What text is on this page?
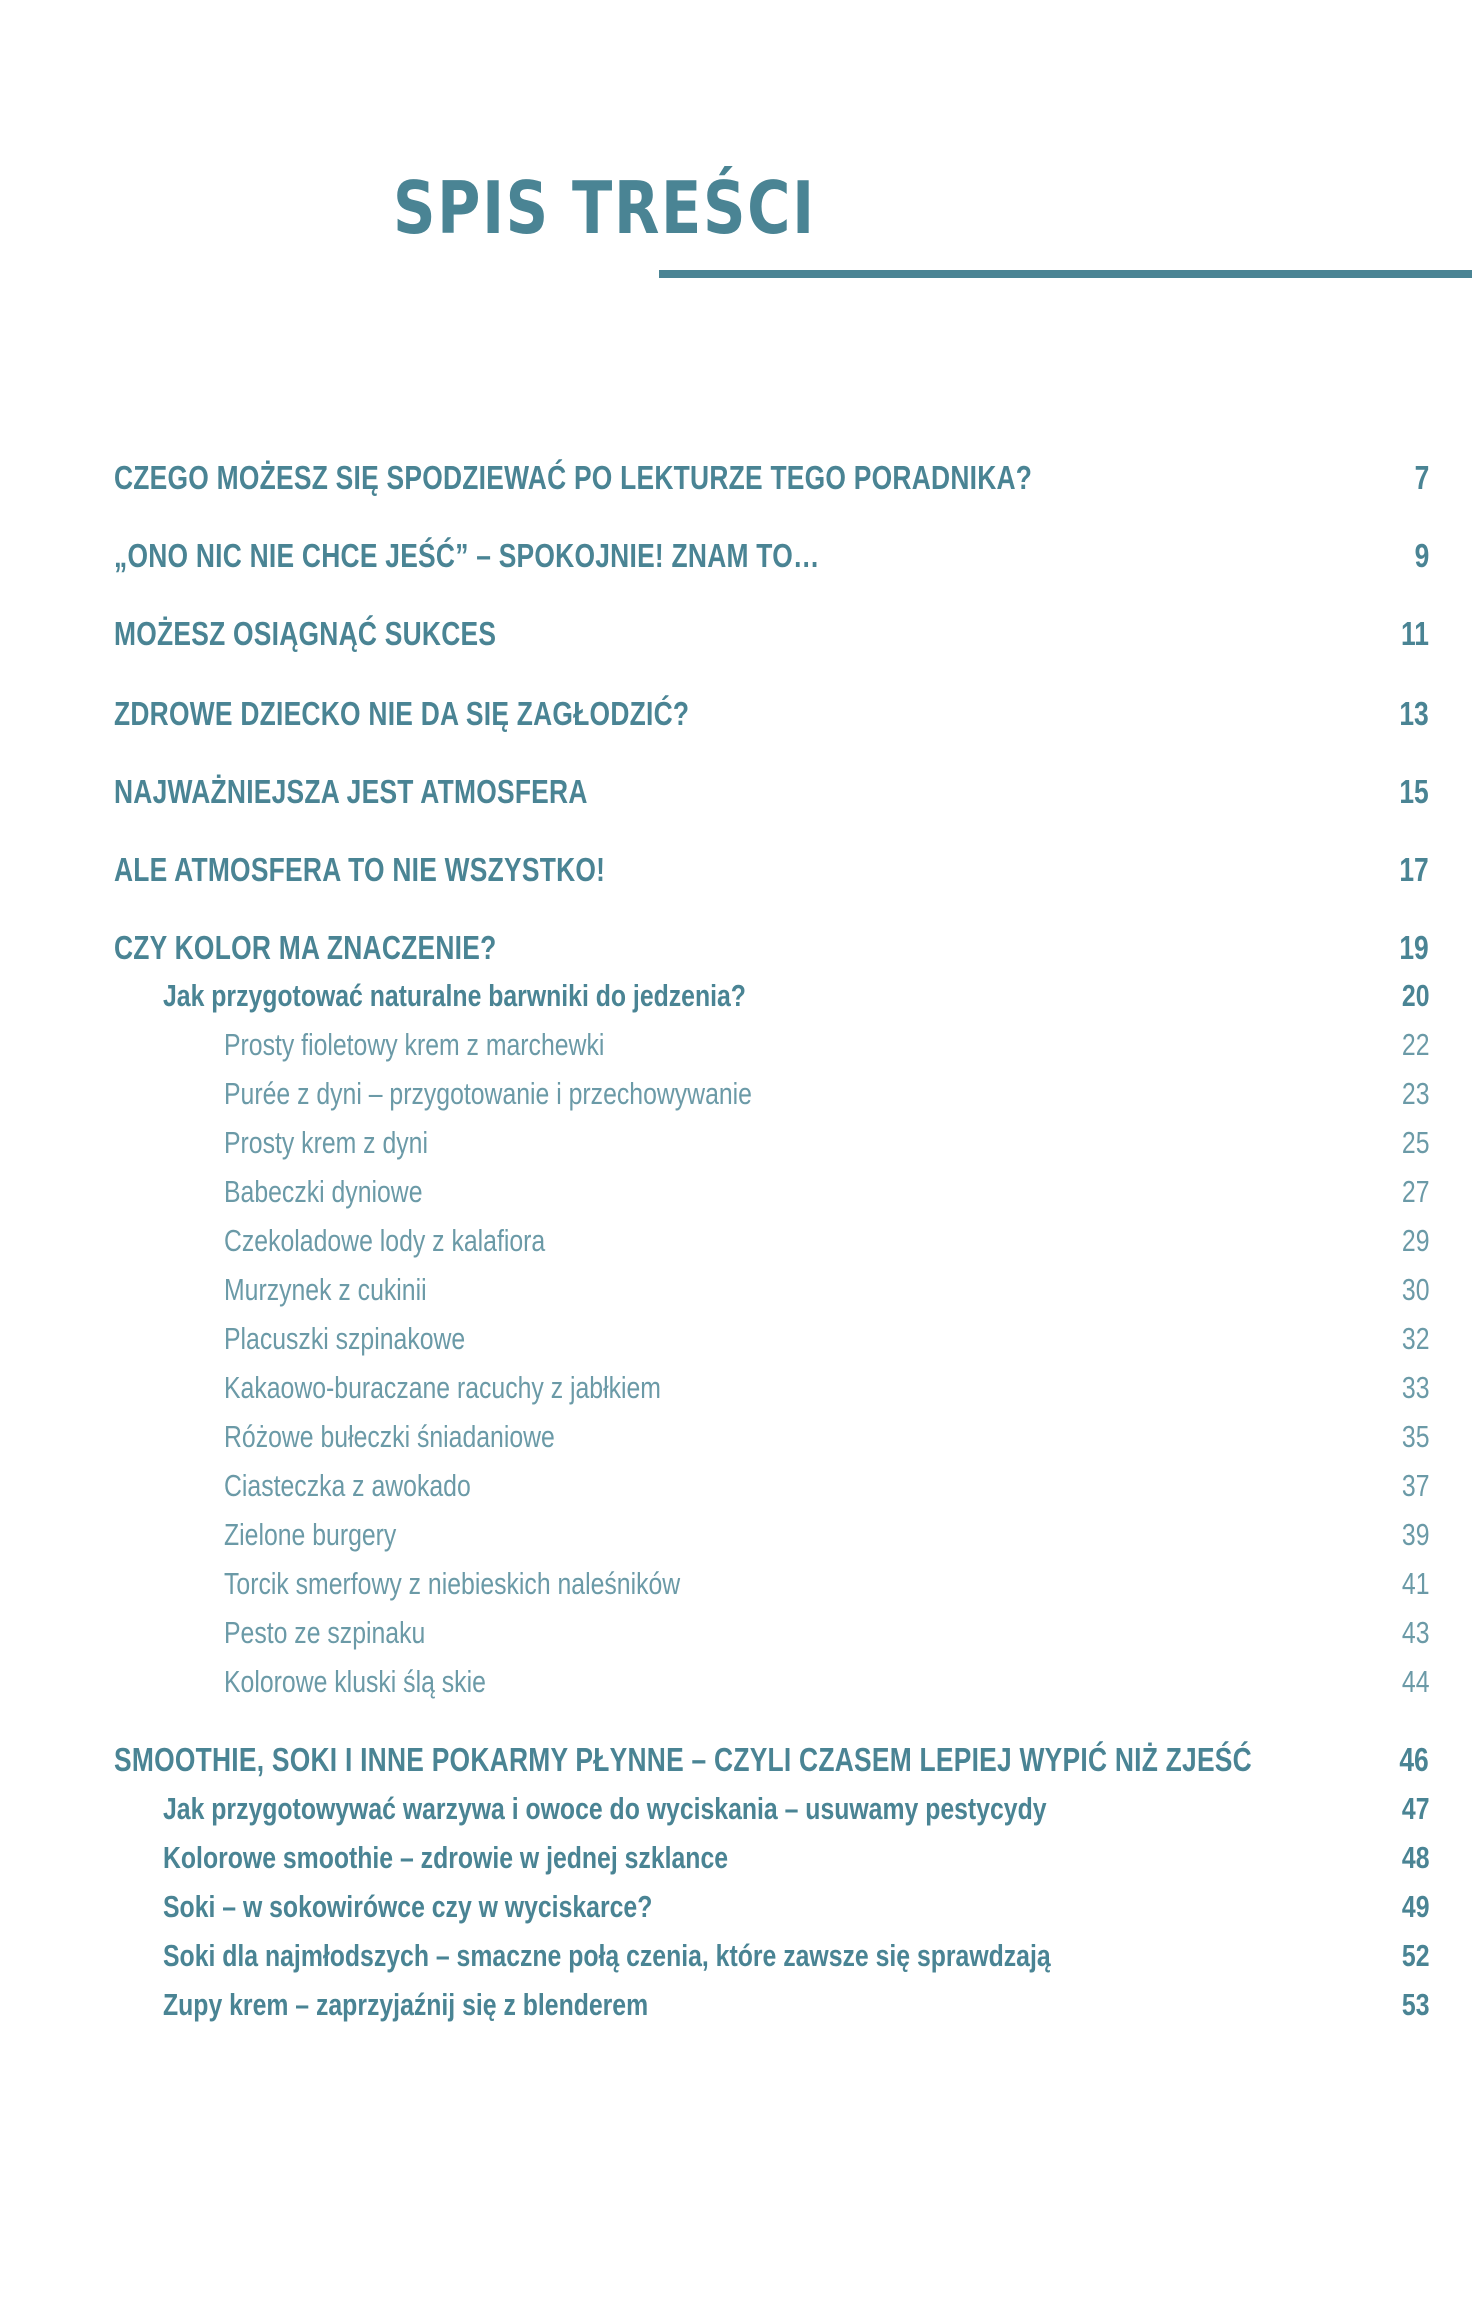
SPIS TREŚCI
CZEGO MOŻESZ SIĘ SPODZIEWAĆ PO LEKTURZE TEGO PORADNIKA?	7
„ONO NIC NIE CHCE JEŚĆ” – SPOKOJNIE! ZNAM TO…	9
MOŻESZ OSIĄGNĄĆ SUKCES	11
ZDROWE DZIECKO NIE DA SIĘ ZAGŁODZIĆ?	13
NAJWAŻNIEJSZA JEST ATMOSFERA	15
ALE ATMOSFERA TO NIE WSZYSTKO!	17
CZY KOLOR MA ZNACZENIE?	19
Jak przygotować naturalne barwniki do jedzenia?	20
Prosty fioletowy krem z marchewki	22
Purée z dyni – przygotowanie i przechowywanie	23
Prosty krem z dyni	25
Babeczki dyniowe	27
Czekoladowe lody z kalafiora	29
Murzynek z cukinii	30
Placuszki szpinakowe	32
Kakaowo-buraczane racuchy z jabłkiem	33
Różowe bułeczki śniadaniowe	35
Ciasteczka z awokado	37
Zielone burgery	39
Torcik smerfowy z niebieskich naleśników	41
Pesto ze szpinaku	43
Kolorowe kluski ślą skie	44
SMOOTHIE, SOKI I INNE POKARMY PŁYNNE – CZYLI CZASEM LEPIEJ WYPIĆ NIŻ ZJEŚĆ	46
Jak przygotowywać warzywa i owoce do wyciskania – usuwamy pestycydy	47
Kolorowe smoothie – zdrowie w jednej szklance	48
Soki – w sokowirówce czy w wyciskarce?	49
Soki dla najmłodszych – smaczne połą czenia, które zawsze się sprawdzają	52
Zupy krem – zaprzyjaźnij się z blenderem	53
